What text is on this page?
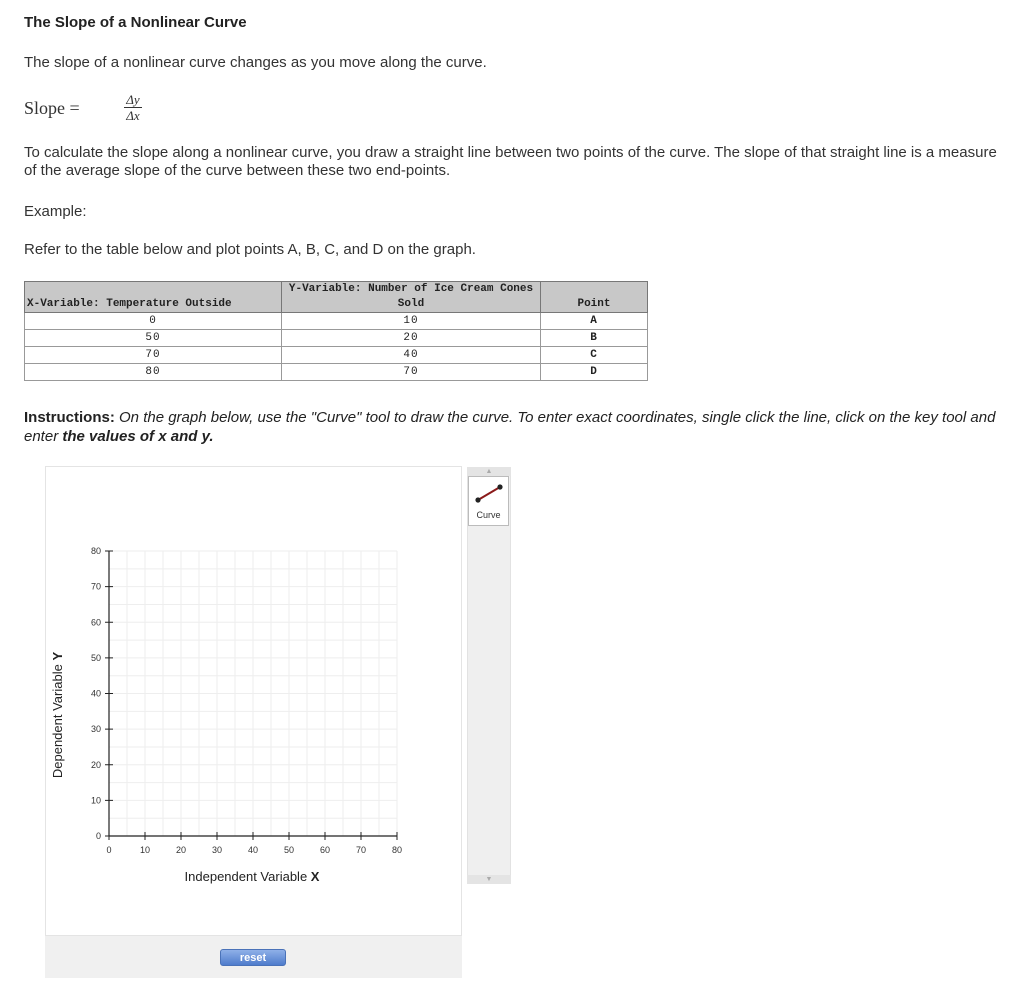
The Slope of a Nonlinear Curve
The slope of a nonlinear curve changes as you move along the curve.
Slope =	Δy
Δx
To calculate the slope along a nonlinear curve, you draw a straight line between two points of the curve. The slope of that straight line is a measure of the average slope of the curve between these two end-points.
Example:
Refer to the table below and plot points A, B, C, and D on the graph.
X-Variable: Temperature Outside	Y-Variable: Number of Ice Cream Cones Sold	Point
0	10	A
50	20	B
70	40	C
80	70	D
Instructions: On the graph below, use the "Curve" tool to draw the curve. To enter exact coordinates, single click the line, click on the key tool and enter the values of x and y.
0	10	20	30	40	50	60	70	80
0
10
20
30
40
50
60
70
80
Dependent Variable Y
Independent Variable X
reset
▲
Curve
▼
